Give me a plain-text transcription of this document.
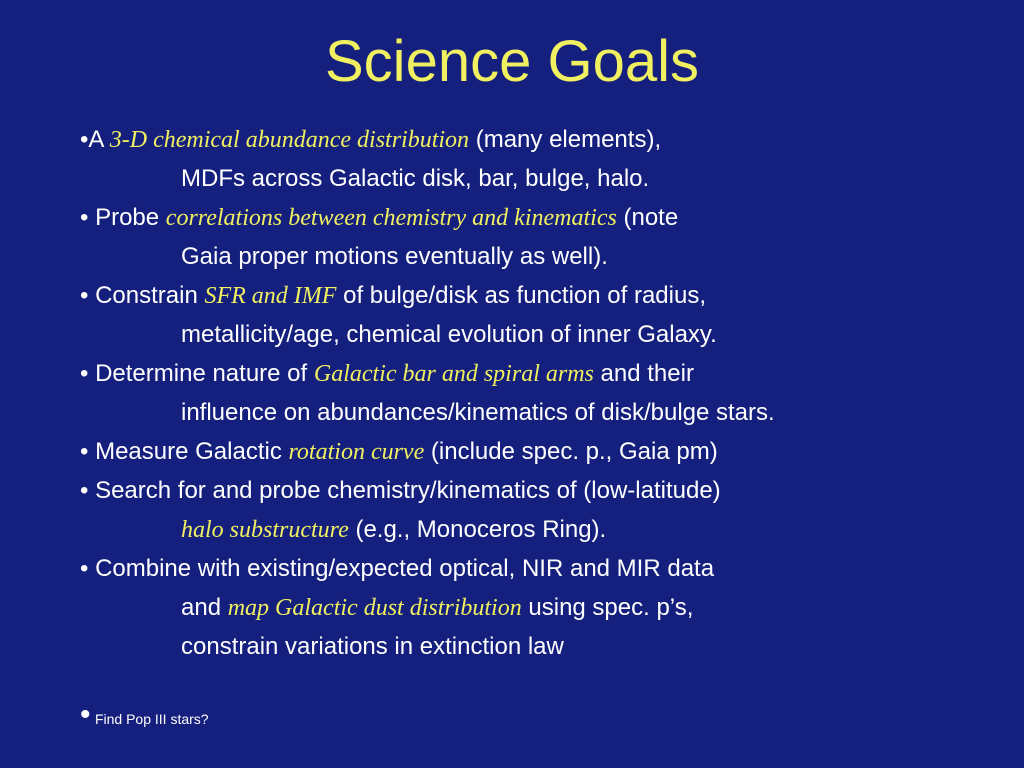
Science Goals
•A 3-D chemical abundance distribution (many elements),
MDFs across Galactic disk, bar, bulge, halo.
• Probe correlations between chemistry and kinematics (note
Gaia proper motions eventually as well).
• Constrain SFR and IMF of bulge/disk as function of radius,
metallicity/age, chemical evolution of inner Galaxy.
• Determine nature of Galactic bar and spiral arms and their
influence on abundances/kinematics of disk/bulge stars.
• Measure Galactic rotation curve (include spec. p., Gaia pm)
• Search for and probe chemistry/kinematics of (low-latitude)
halo substructure (e.g., Monoceros Ring).
• Combine with existing/expected optical, NIR and MIR data
and map Galactic dust distribution using spec. p’s,
constrain variations in extinction law
• Find Pop III stars?
